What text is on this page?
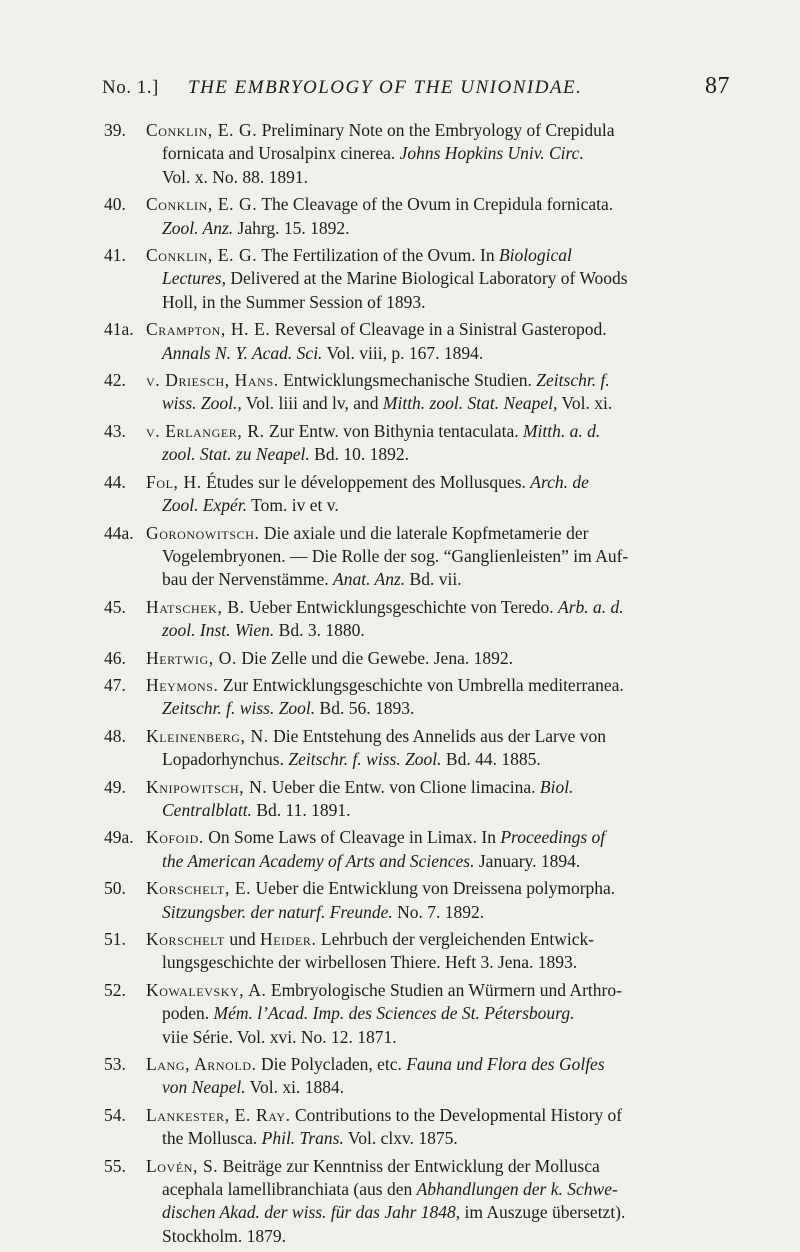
No. 1.] THE EMBRYOLOGY OF THE UNIONIDAE.	87
39. Conklin, E. G. Preliminary Note on the Embryology of Crepidula
fornicata and Urosalpinx cinerea. Johns Hopkins Univ. Circ.
Vol. x. No. 88. 1891.
40. Conklin, E. G. The Cleavage of the Ovum in Crepidula fornicata.
Zool. Anz. Jahrg. 15. 1892.
41. Conklin, E. G. The Fertilization of the Ovum. In Biological
Lectures, Delivered at the Marine Biological Laboratory of Woods
Holl, in the Summer Session of 1893.
41a. Crampton, H. E. Reversal of Cleavage in a Sinistral Gasteropod.
Annals N. Y. Acad. Sci. Vol. viii, p. 167. 1894.
42. v. Driesch, Hans. Entwicklungsmechanische Studien. Zeitschr. f.
wiss. Zool., Vol. liii and lv, and Mitth. zool. Stat. Neapel, Vol. xi.
43. v. Erlanger, R. Zur Entw. von Bithynia tentaculata. Mitth. a. d.
zool. Stat. zu Neapel. Bd. 10. 1892.
44. Fol, H. Études sur le développement des Mollusques. Arch. de
Zool. Expér. Tom. iv et v.
44a. Goronowitsch. Die axiale und die laterale Kopfmetamerie der
Vogelembryonen. — Die Rolle der sog. “Ganglienleisten” im Auf-
bau der Nervenstämme. Anat. Anz. Bd. vii.
45. Hatschek, B. Ueber Entwicklungsgeschichte von Teredo. Arb. a. d.
zool. Inst. Wien. Bd. 3. 1880.
46. Hertwig, O. Die Zelle und die Gewebe. Jena. 1892.
47. Heymons. Zur Entwicklungsgeschichte von Umbrella mediterranea.
Zeitschr. f. wiss. Zool. Bd. 56. 1893.
48. Kleinenberg, N. Die Entstehung des Annelids aus der Larve von
Lopadorhynchus. Zeitschr. f. wiss. Zool. Bd. 44. 1885.
49. Knipowitsch, N. Ueber die Entw. von Clione limacina. Biol.
Centralblatt. Bd. 11. 1891.
49a. Kofoid. On Some Laws of Cleavage in Limax. In Proceedings of
the American Academy of Arts and Sciences. January. 1894.
50. Korschelt, E. Ueber die Entwicklung von Dreissena polymorpha.
Sitzungsber. der naturf. Freunde. No. 7. 1892.
51. Korschelt und Heider. Lehrbuch der vergleichenden Entwick-
lungsgeschichte der wirbellosen Thiere. Heft 3. Jena. 1893.
52. Kowalevsky, A. Embryologische Studien an Würmern und Arthro-
poden. Mém. l’Acad. Imp. des Sciences de St. Pétersbourg.
viie Série. Vol. xvi. No. 12. 1871.
53. Lang, Arnold. Die Polycladen, etc. Fauna und Flora des Golfes
von Neapel. Vol. xi. 1884.
54. Lankester, E. Ray. Contributions to the Developmental History of
the Mollusca. Phil. Trans. Vol. clxv. 1875.
55. Lovén, S. Beiträge zur Kenntniss der Entwicklung der Mollusca
acephala lamellibranchiata (aus den Abhandlungen der k. Schwe-
dischen Akad. der wiss. für das Jahr 1848, im Auszuge übersetzt).
Stockholm. 1879.
